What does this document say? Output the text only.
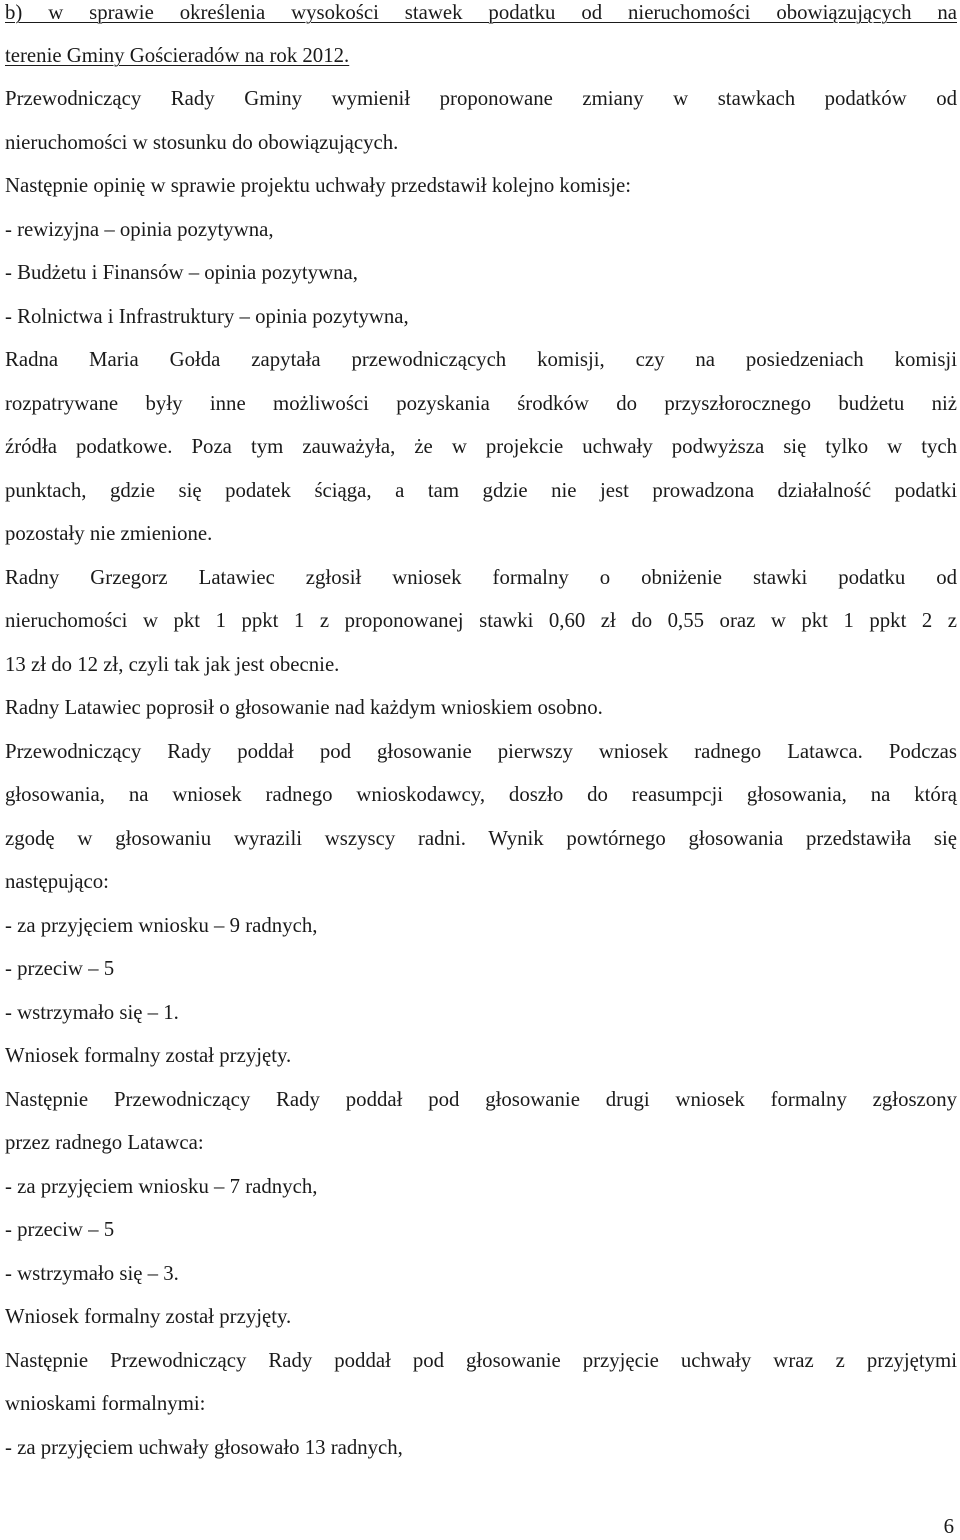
b) w sprawie określenia wysokości stawek podatku od nieruchomości obowiązujących na
terenie Gminy Gościeradów na rok 2012.
Przewodniczący Rady Gminy wymienił proponowane zmiany w stawkach podatków od
nieruchomości w stosunku do obowiązujących.
Następnie opinię w sprawie projektu uchwały przedstawił kolejno komisje:
- rewizyjna – opinia pozytywna,
- Budżetu i Finansów – opinia pozytywna,
- Rolnictwa i Infrastruktury – opinia pozytywna,
Radna Maria Gołda zapytała przewodniczących komisji, czy na posiedzeniach komisji
rozpatrywane były inne możliwości pozyskania środków do przyszłorocznego budżetu niż
źródła podatkowe. Poza tym zauważyła, że w projekcie uchwały podwyższa się tylko w tych
punktach, gdzie się podatek ściąga, a tam gdzie nie jest prowadzona działalność podatki
pozostały nie zmienione.
Radny Grzegorz Latawiec zgłosił wniosek formalny o obniżenie stawki podatku od
nieruchomości w pkt 1 ppkt 1 z proponowanej stawki 0,60 zł do 0,55 oraz w pkt 1 ppkt 2 z
13 zł do 12 zł, czyli tak jak jest obecnie.
Radny Latawiec poprosił o głosowanie nad każdym wnioskiem osobno.
Przewodniczący Rady poddał pod głosowanie pierwszy wniosek radnego Latawca. Podczas
głosowania, na wniosek radnego wnioskodawcy, doszło do reasumpcji głosowania, na którą
zgodę w głosowaniu wyrazili wszyscy radni. Wynik powtórnego głosowania przedstawiła się
następująco:
- za przyjęciem wniosku – 9 radnych,
- przeciw – 5
- wstrzymało się – 1.
Wniosek formalny został przyjęty.
Następnie Przewodniczący Rady poddał pod głosowanie drugi wniosek formalny zgłoszony
przez radnego Latawca:
- za przyjęciem wniosku – 7 radnych,
- przeciw – 5
- wstrzymało się – 3.
Wniosek formalny został przyjęty.
Następnie Przewodniczący Rady poddał pod głosowanie przyjęcie uchwały wraz z przyjętymi
wnioskami formalnymi:
- za przyjęciem uchwały głosowało 13 radnych,
6
